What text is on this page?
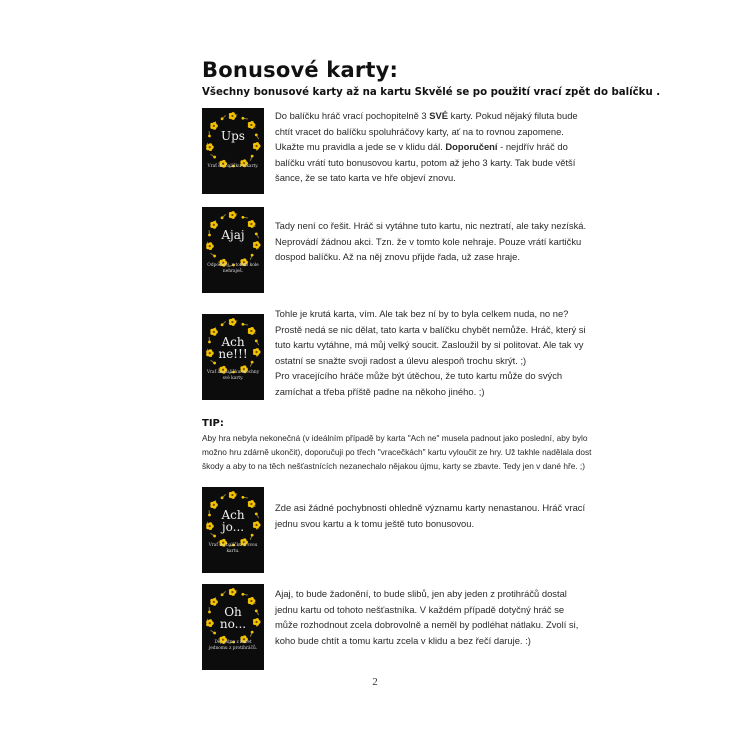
Bonusové karty:
Všechny bonusové karty až na kartu Skvělé se po použití vrací zpět do balíčku .
Ups
Vrať do balíčku 4 karty.

Do balíčku hráč vrací pochopitelně 3 SVÉ karty. Pokud nějaký filuta bude chtít vracet do balíčku spoluhráčovy karty, ať na to rovnou zapomene. Ukažte mu pravidla a jede se v klidu dál. Doporučení - nejdřív hráč do balíčku vrátí tuto bonusovou kartu, potom až jeho 3 karty. Tak bude větší šance, že se tato karta ve hře objeví znovu.

Ajaj
Odpočívej, v tomto kole nehraješ.

Tady není co řešit. Hráč si vytáhne tuto kartu, nic neztratí, ale taky nezíská. Neprovádí žádnou akci. Tzn. že v tomto kole nehraje. Pouze vrátí kartičku dospod balíčku. Až na něj znovu přijde řada, už zase hraje.

Ach
ne!!!
Vrať do balíčku všechny své karty.

Tohle je krutá karta, vím. Ale tak bez ní by to byla celkem nuda, no ne? Prostě nedá se nic dělat, tato karta v balíčku chybět nemůže. Hráč, který si tuto kartu vytáhne, má můj velký soucit. Zasloužil by si politovat. Ale tak vy ostatní se snažte svoji radost a úlevu alespoň trochu skrýt. ;)

Pro vracejícího hráče může být útěchou, že tuto kartu může do svých zamíchat a třeba příště padne na někoho jiného. ;)

TIP:
Aby hra nebyla nekonečná (v ideálním případě by karta "Ach ne" musela padnout jako poslední, aby bylo možno hru zdárně ukončit), doporučuji po třech "vracečkách" kartu vyloučit ze hry. Už takhle nadělala dost škody a aby to na těch nešťastnících nezanechalo nějakou újmu, karty se zbavte. Tedy jen v dané hře. ;)
Ach
jo...
Vrať do balíčku 1 svou kartu.

Zde asi žádné pochybnosti ohledně významu karty nenastanou. Hráč vrací jednu svou kartu a k tomu ještě tuto bonusovou.

Oh
no...
Dej jednu z karet jednomu z protihráčů.

Ajaj, to bude žadonění, to bude slibů, jen aby jeden z protihráčů dostal jednu kartu od tohoto nešťastníka. V každém případě dotyčný hráč se může rozhodnout zcela dobrovolně a neměl by podléhat nátlaku. Zvolí si, koho bude chtít a tomu kartu zcela v klidu a bez řečí daruje. :)

2
